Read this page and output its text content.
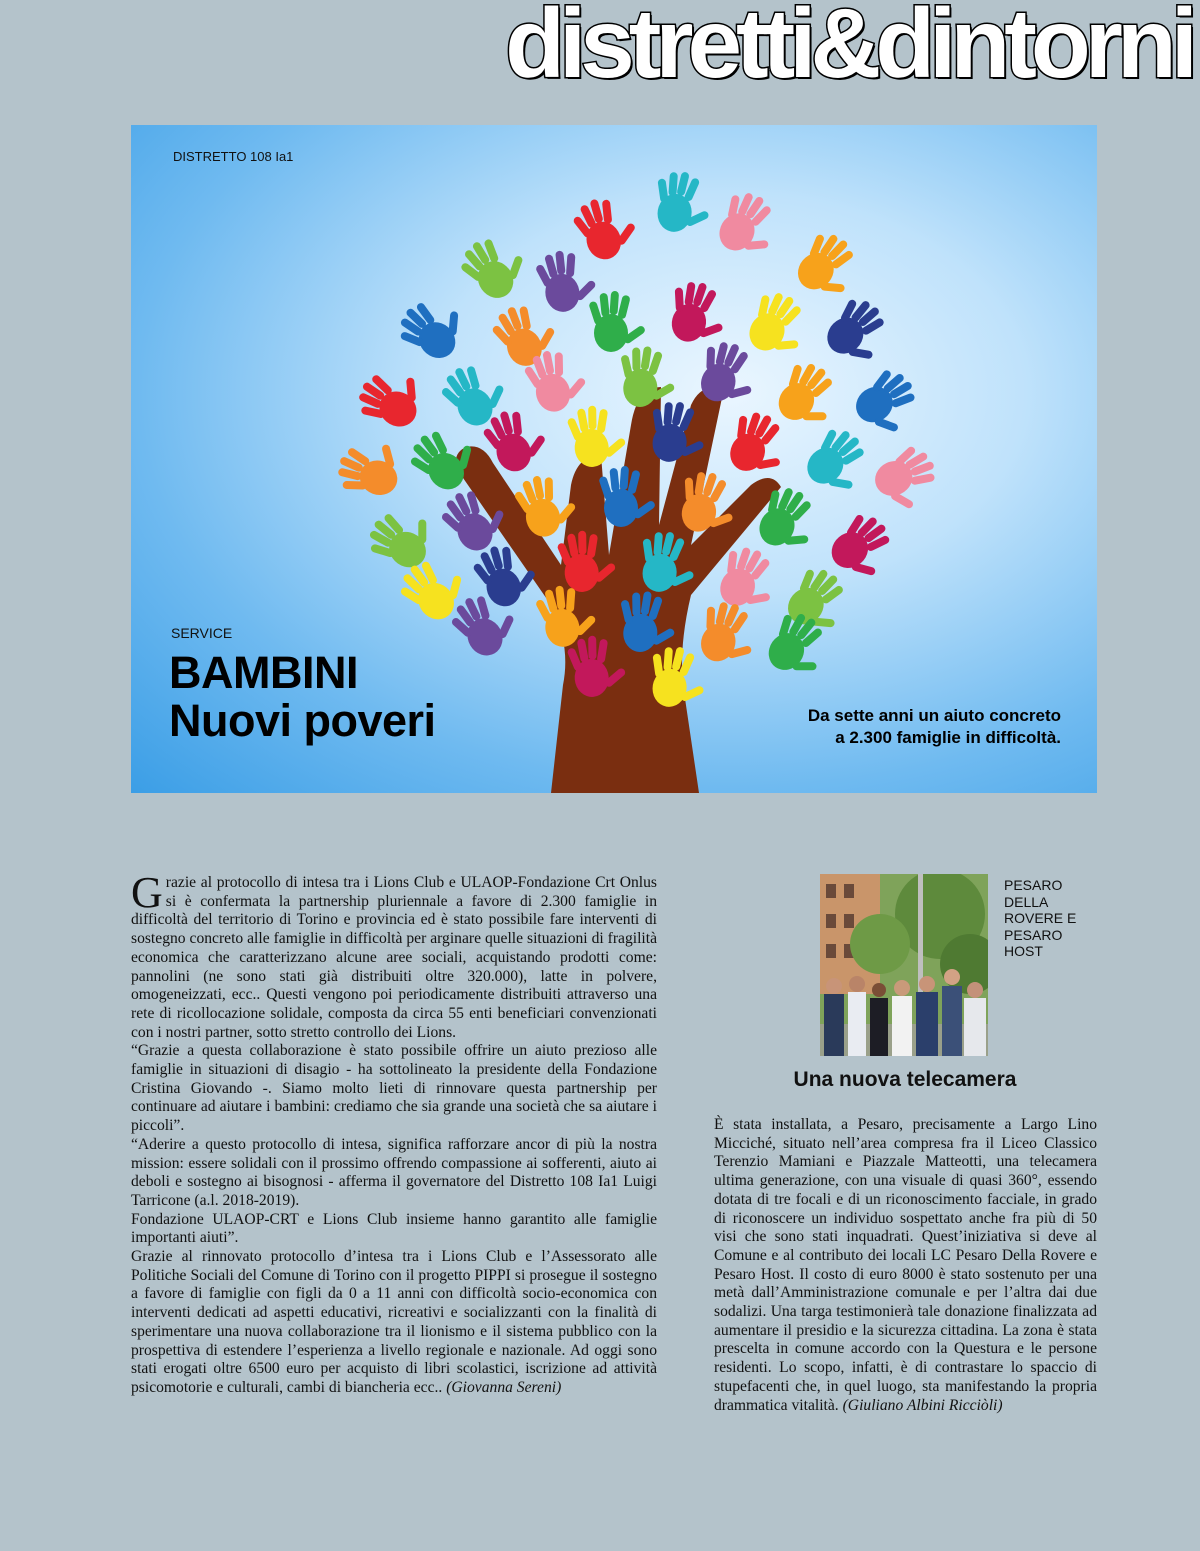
distretti&dintorni
DISTRETTO 108 Ia1
SERVICE
BAMBINI
Nuovi poveri	Da sette anni un aiuto concreto
a 2.300 famiglie in difficoltà.

Grazie al protocollo di intesa tra i Lions Club e ULAOP-Fondazione Crt Onlus si è confermata la partnership pluriennale a favore di 2.300 famiglie in difficoltà del territorio di Torino e provincia ed è stato possibile fare interventi di sostegno concreto alle famiglie in difficoltà per arginare quelle situazioni di fragilità economica che caratterizzano alcune aree sociali, acquistando prodotti come: pannolini (ne sono stati già distribuiti oltre 320.000), latte in polvere, omogeneizzati, ecc.. Questi vengono poi periodicamente distribuiti attraverso una rete di ricollocazione solidale, composta da circa 55 enti beneficiari convenzionati con i nostri partner, sotto stretto controllo dei Lions.

“Grazie a questa collaborazione è stato possibile offrire un aiuto prezioso alle famiglie in situazioni di disagio - ha sottolineato la presidente della Fondazione Cristina Giovando -. Siamo molto lieti di rinnovare questa partnership per continuare ad aiutare i bambini: crediamo che sia grande una società che sa aiutare i piccoli”.

“Aderire a questo protocollo di intesa, significa rafforzare ancor di più la nostra mission: essere solidali con il prossimo offrendo compassione ai sofferenti, aiuto ai deboli e sostegno ai bisognosi - afferma il governatore del Distretto 108 Ia1 Luigi Tarricone (a.l. 2018-2019).

Fondazione ULAOP-CRT e Lions Club insieme hanno garantito alle famiglie importanti aiuti”.

Grazie al rinnovato protocollo d’intesa tra i Lions Club e l’Assessorato alle Politiche Sociali del Comune di Torino con il progetto PIPPI si prosegue il sostegno a favore di famiglie con figli da 0 a 11 anni con difficoltà socio-economica con interventi dedicati ad aspetti educativi, ricreativi e socializzanti con la finalità di sperimentare una nuova collaborazione tra il lionismo e il sistema pubblico con la prospettiva di estendere l’esperienza a livello regionale e nazionale. Ad oggi sono stati erogati oltre 6500 euro per acquisto di libri scolastici, iscrizione ad attività psicomotorie e culturali, cambi di biancheria ecc.. (Giovanna Sereni)

PESARO DELLA ROVERE E PESARO HOST
Una nuova telecamera

È stata installata, a Pesaro, precisamente a Largo Lino Micciché, situato nell’area compresa fra il Liceo Classico Terenzio Mamiani e Piazzale Matteotti, una telecamera ultima generazione, con una visuale di quasi 360°, essendo dotata di tre focali e di un riconoscimento facciale, in grado di riconoscere un individuo sospettato anche fra più di 50 visi che sono stati inquadrati. Quest’iniziativa si deve al Comune e al contributo dei locali LC Pesaro Della Rovere e Pesaro Host. Il costo di euro 8000 è stato sostenuto per una metà dall’Amministrazione comunale e per l’altra dai due sodalizi. Una targa testimonierà tale donazione finalizzata ad aumentare il presidio e la sicurezza cittadina. La zona è stata prescelta in comune accordo con la Questura e le persone residenti. Lo scopo, infatti, è di contrastare lo spaccio di stupefacenti che, in quel luogo, sta manifestando la propria drammatica vitalità. (Giuliano Albini Ricciòli)
